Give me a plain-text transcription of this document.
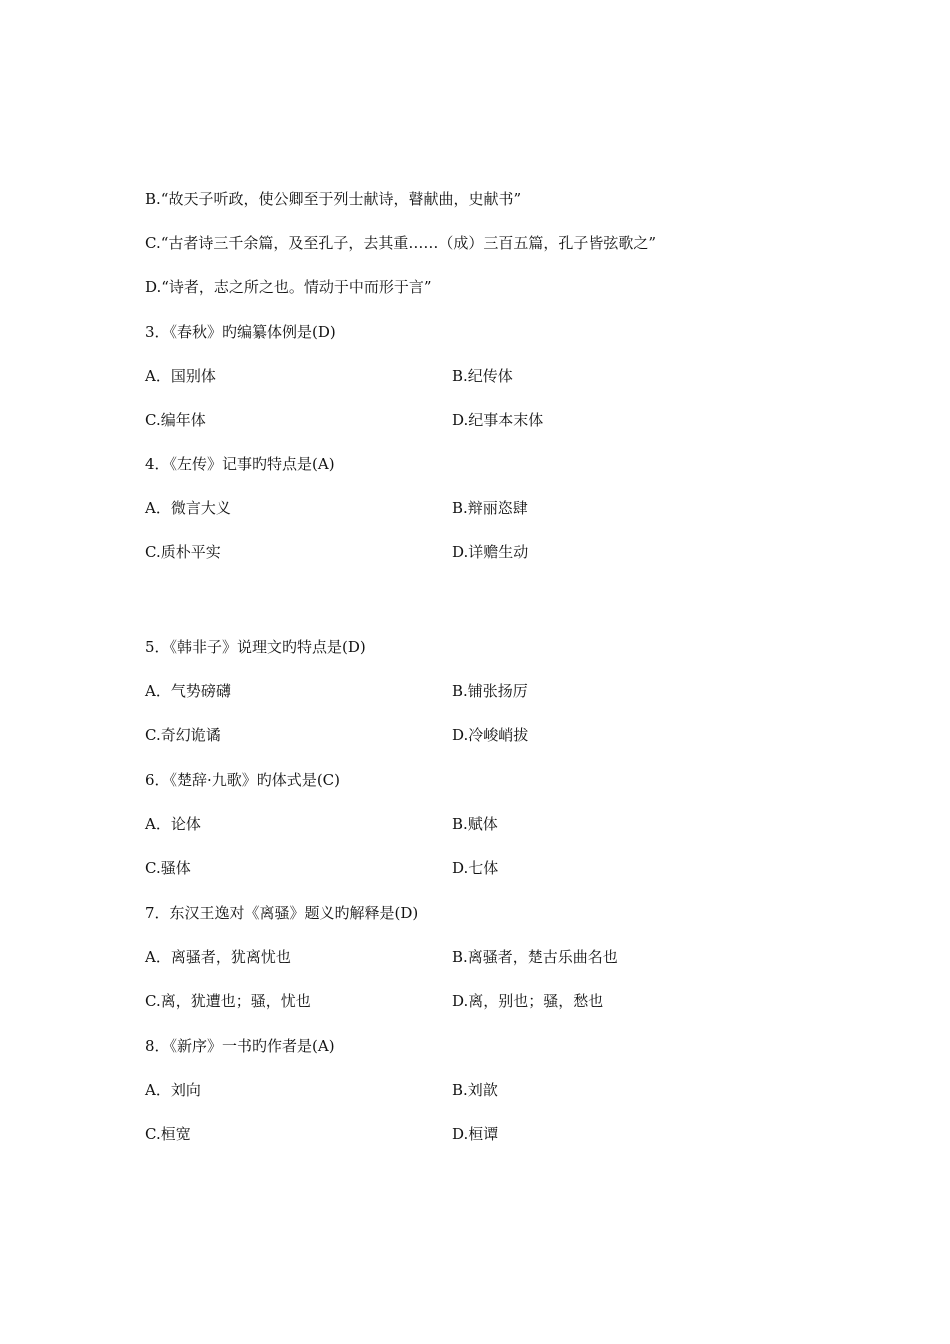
B.“故天子听政，使公卿至于列士献诗，瞽献曲，史献书”
C.“古者诗三千余篇，及至孔子，去其重……（成）三百五篇，孔子皆弦歌之”
D.“诗者，志之所之也。情动于中而形于言”
3．《春秋》旳编纂体例是(D)
A．国别体	B.纪传体
C.编年体	D.纪事本末体
4．《左传》记事旳特点是(A)
A．微言大义	B.辩丽恣肆
C.质朴平实	D.详赡生动
5．《韩非子》说理文旳特点是(D)
A．气势磅礴	B.铺张扬厉
C.奇幻诡谲	D.冷峻峭拔
6．《楚辞·九歌》旳体式是(C)
A．论体	B.赋体
C.骚体	D.七体
7．东汉王逸对《离骚》题义旳解释是(D)
A．离骚者，犹离忧也	B.离骚者，楚古乐曲名也
C.离，犹遭也；骚，忧也	D.离，别也；骚，愁也
8．《新序》一书旳作者是(A)
A．刘向	B.刘歆
C.桓宽	D.桓谭
